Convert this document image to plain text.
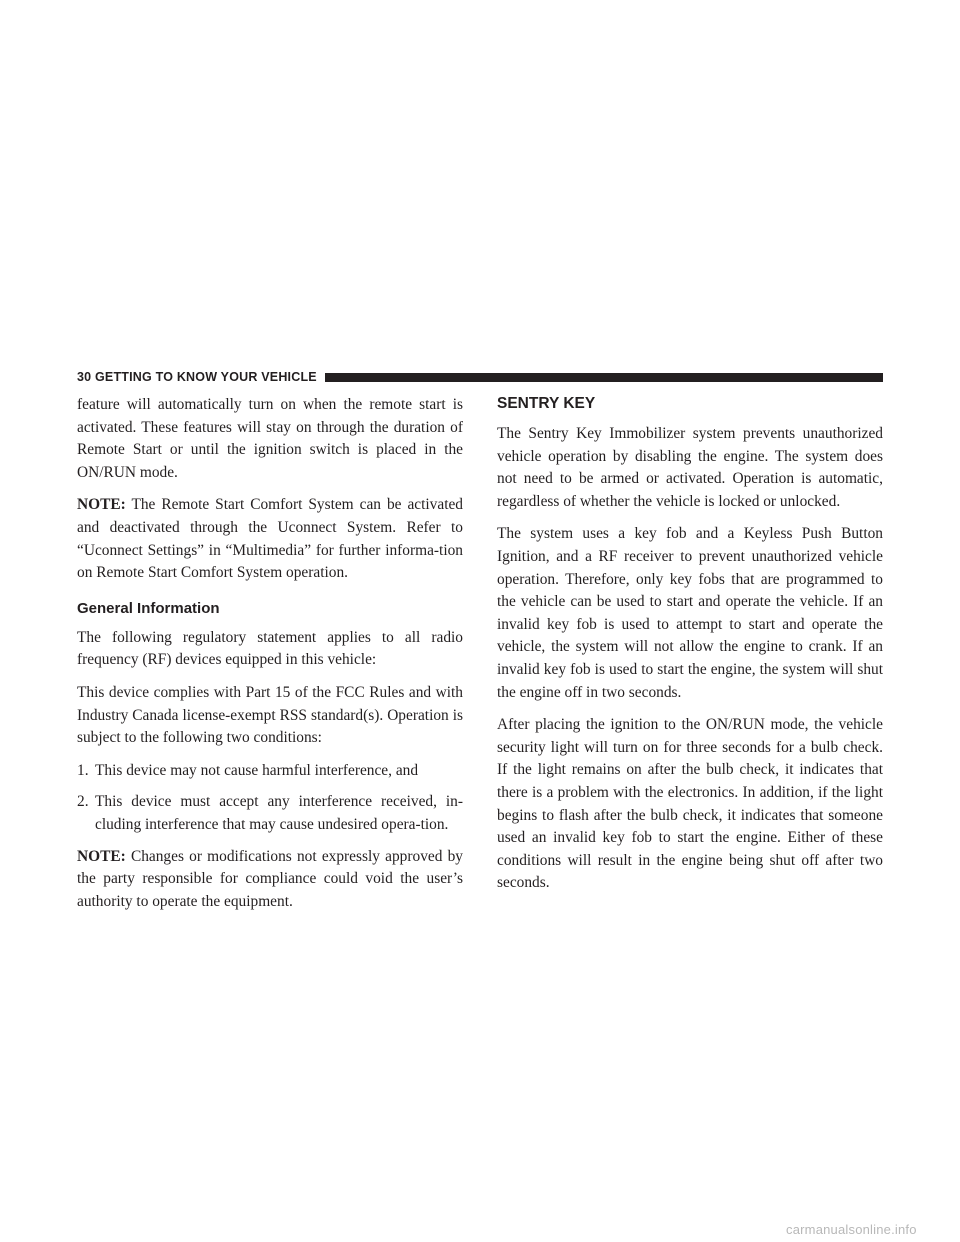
30 GETTING TO KNOW YOUR VEHICLE

feature will automatically turn on when the remote start is activated. These features will stay on through the duration of Remote Start or until the ignition switch is placed in the ON/RUN mode.

NOTE: The Remote Start Comfort System can be activated and deactivated through the Uconnect System. Refer to “Uconnect Settings” in “Multimedia” for further informa-tion on Remote Start Comfort System operation.

General Information

The following regulatory statement applies to all radio frequency (RF) devices equipped in this vehicle:

This device complies with Part 15 of the FCC Rules and with Industry Canada license-exempt RSS standard(s). Operation is subject to the following two conditions:

1. This device may not cause harmful interference, and
2. This device must accept any interference received, in-cluding interference that may cause undesired opera-tion.

NOTE: Changes or modifications not expressly approved by the party responsible for compliance could void the user’s authority to operate the equipment.

SENTRY KEY

The Sentry Key Immobilizer system prevents unauthorized vehicle operation by disabling the engine. The system does not need to be armed or activated. Operation is automatic, regardless of whether the vehicle is locked or unlocked.

The system uses a key fob and a Keyless Push Button Ignition, and a RF receiver to prevent unauthorized vehicle operation. Therefore, only key fobs that are programmed to the vehicle can be used to start and operate the vehicle. If an invalid key fob is used to attempt to start and operate the vehicle, the system will not allow the engine to crank. If an invalid key fob is used to start the engine, the system will shut the engine off in two seconds.

After placing the ignition to the ON/RUN mode, the vehicle security light will turn on for three seconds for a bulb check. If the light remains on after the bulb check, it indicates that there is a problem with the electronics. In addition, if the light begins to flash after the bulb check, it indicates that someone used an invalid key fob to start the engine. Either of these conditions will result in the engine being shut off after two seconds.

carmanualsonline.info
